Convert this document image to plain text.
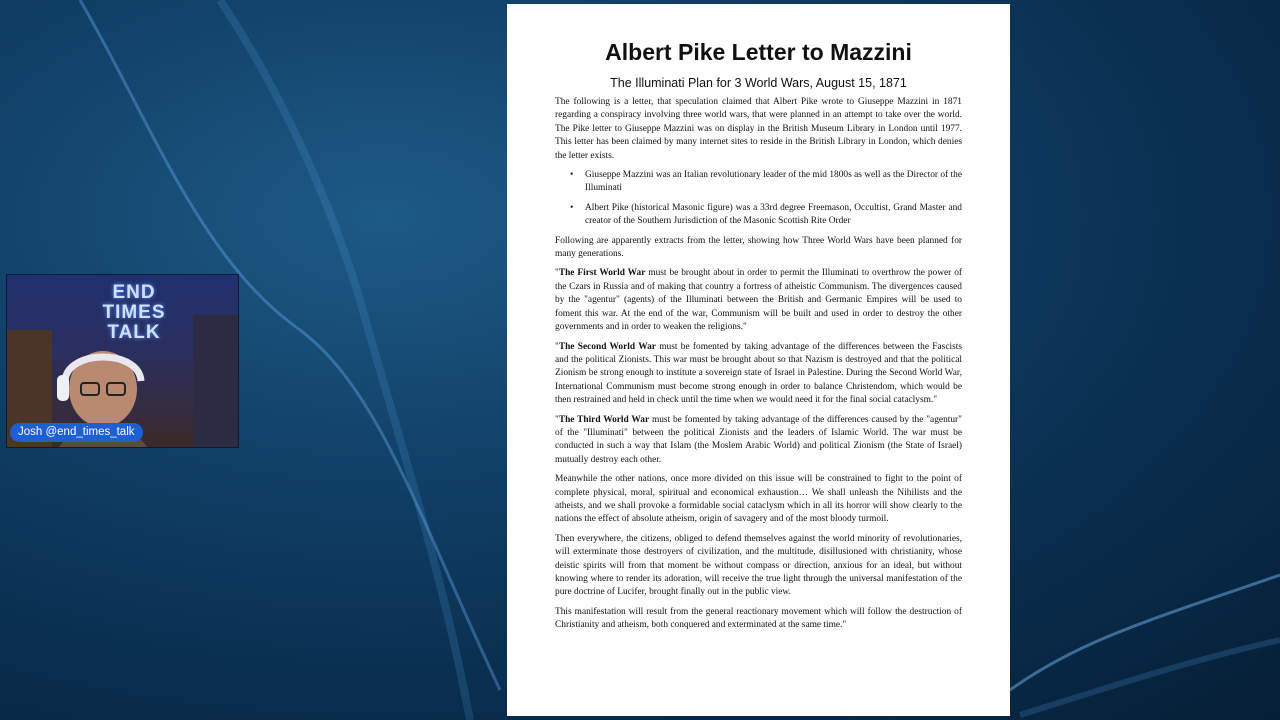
Albert Pike Letter to Mazzini
The Illuminati Plan for 3 World Wars, August 15, 1871

The following is a letter, that speculation claimed that Albert Pike wrote to Giuseppe Mazzini in 1871 regarding a conspiracy involving three world wars, that were planned in an attempt to take over the world. The Pike letter to Giuseppe Mazzini was on display in the British Museum Library in London until 1977. This letter has been claimed by many internet sites to reside in the British Library in London, which denies the letter exists.

• Giuseppe Mazzini was an Italian revolutionary leader of the mid 1800s as well as the Director of the Illuminati
• Albert Pike (historical Masonic figure) was a 33rd degree Freemason, Occultist, Grand Master and creator of the Southern Jurisdiction of the Masonic Scottish Rite Order

Following are apparently extracts from the letter, showing how Three World Wars have been planned for many generations.

"The First World War must be brought about in order to permit the Illuminati to overthrow the power of the Czars in Russia and of making that country a fortress of atheistic Communism. The divergences caused by the "agentur" (agents) of the Illuminati between the British and Germanic Empires will be used to foment this war. At the end of the war, Communism will be built and used in order to destroy the other governments and in order to weaken the religions."

"The Second World War must be fomented by taking advantage of the differences between the Fascists and the political Zionists. This war must be brought about so that Nazism is destroyed and that the political Zionism be strong enough to institute a sovereign state of Israel in Palestine. During the Second World War, International Communism must become strong enough in order to balance Christendom, which would be then restrained and held in check until the time when we would need it for the final social cataclysm."

"The Third World War must be fomented by taking advantage of the differences caused by the "agentur" of the "Illuminati" between the political Zionists and the leaders of Islamic World. The war must be conducted in such a way that Islam (the Moslem Arabic World) and political Zionism (the State of Israel) mutually destroy each other.

Meanwhile the other nations, once more divided on this issue will be constrained to fight to the point of complete physical, moral, spiritual and economical exhaustion… We shall unleash the Nihilists and the atheists, and we shall provoke a formidable social cataclysm which in all its horror will show clearly to the nations the effect of absolute atheism, origin of savagery and of the most bloody turmoil.

Then everywhere, the citizens, obliged to defend themselves against the world minority of revolutionaries, will exterminate those destroyers of civilization, and the multitude, disillusioned with christianity, whose deistic spirits will from that moment be without compass or direction, anxious for an ideal, but without knowing where to render its adoration, will receive the true light through the universal manifestation of the pure doctrine of Lucifer, brought finally out in the public view.

This manifestation will result from the general reactionary movement which will follow the destruction of Christianity and atheism, both conquered and exterminated at the same time."

END
TIMES
TALK
Josh @end_times_talk
